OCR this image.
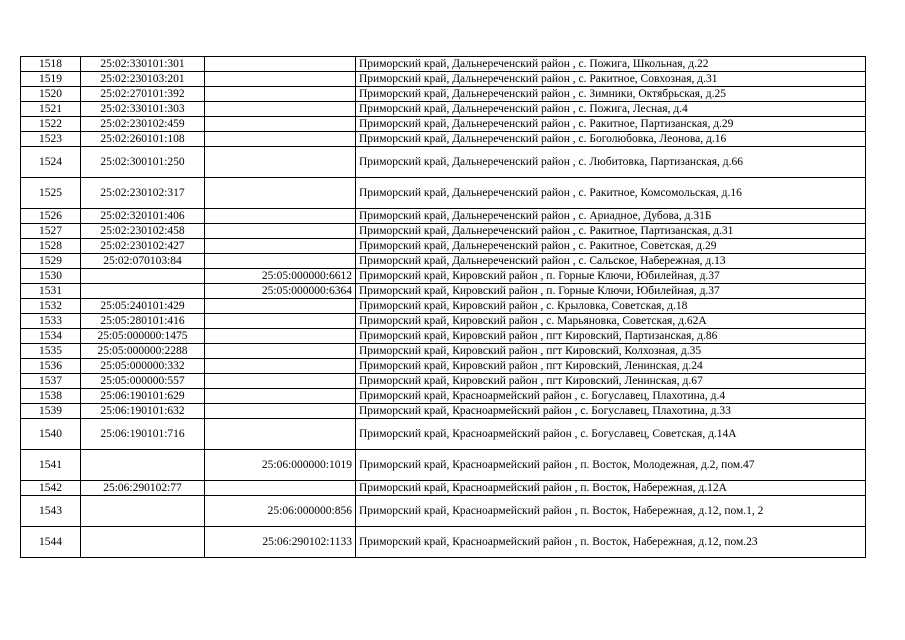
1518	25:02:330101:301		Приморский край, Дальнереченский район , с. Пожига, Школьная, д.22
1519	25:02:230103:201		Приморский край, Дальнереченский район , с. Ракитное, Совхозная, д.31
1520	25:02:270101:392		Приморский край, Дальнереченский район , с. Зимники, Октябрьская, д.25
1521	25:02:330101:303		Приморский край, Дальнереченский район , с. Пожига, Лесная, д.4
1522	25:02:230102:459		Приморский край, Дальнереченский район , с. Ракитное, Партизанская, д.29
1523	25:02:260101:108		Приморский край, Дальнереченский район , с. Боголюбовка, Леонова, д.16
1524	25:02:300101:250		Приморский край, Дальнереченский район , с. Любитовка, Партизанская, д.66
1525	25:02:230102:317		Приморский край, Дальнереченский район , с. Ракитное, Комсомольская, д.16
1526	25:02:320101:406		Приморский край, Дальнереченский район , с. Ариадное, Дубова, д.31Б
1527	25:02:230102:458		Приморский край, Дальнереченский район , с. Ракитное, Партизанская, д.31
1528	25:02:230102:427		Приморский край, Дальнереченский район , с. Ракитное, Советская, д.29
1529	25:02:070103:84		Приморский край, Дальнереченский район , с. Сальское, Набережная, д.13
1530		25:05:000000:6612	Приморский край, Кировский район , п. Горные Ключи, Юбилейная, д.37
1531		25:05:000000:6364	Приморский край, Кировский район , п. Горные Ключи, Юбилейная, д.37
1532	25:05:240101:429		Приморский край, Кировский район , с. Крыловка, Советская, д.18
1533	25:05:280101:416		Приморский край, Кировский район , с. Марьяновка, Советская, д.62А
1534	25:05:000000:1475		Приморский край, Кировский район , пгт Кировский, Партизанская, д.86
1535	25:05:000000:2288		Приморский край, Кировский район , пгт Кировский, Колхозная, д.35
1536	25:05:000000:332		Приморский край, Кировский район , пгт Кировский, Ленинская, д.24
1537	25:05:000000:557		Приморский край, Кировский район , пгт Кировский, Ленинская, д.67
1538	25:06:190101:629		Приморский край, Красноармейский район , с. Богуславец, Плахотина, д.4
1539	25:06:190101:632		Приморский край, Красноармейский район , с. Богуславец, Плахотина, д.33
1540	25:06:190101:716		Приморский край, Красноармейский район , с. Богуславец, Советская, д.14А
1541		25:06:000000:1019	Приморский край, Красноармейский район , п. Восток, Молодежная, д.2, пом.47
1542	25:06:290102:77		Приморский край, Красноармейский район , п. Восток, Набережная, д.12А
1543		25:06:000000:856	Приморский край, Красноармейский район , п. Восток, Набережная, д.12, пом.1, 2
1544		25:06:290102:1133	Приморский край, Красноармейский район , п. Восток, Набережная, д.12, пом.23
